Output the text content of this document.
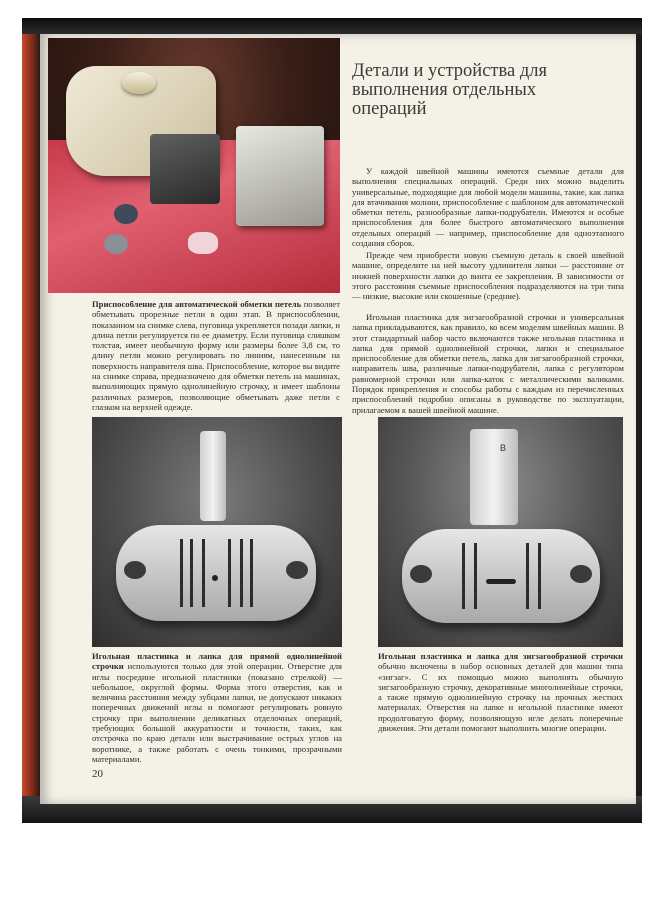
Детали и устройства для выполнения отдельных операций

У каждой швейной машины имеются съемные детали для выполнения специальных операций. Среди них можно выделить универсальные, подходящие для любой модели машины, такие, как лапка для втачивания молнии, приспособление с шаблоном для автоматической обметки петель, разнообразные лапки-подрубатели. Имеются и особые приспособления для более быстрого автоматического выполнения отдельных операций — например, приспособление для одноэтапного создания сборок.

Прежде чем приобрести новую съемную деталь к своей швейной машине, определите на ней высоту удлинителя лапки — расстояние от нижней поверхности лапки до винта ее закрепления. В зависимости от этого расстояния съемные приспособления подразделяются на три типа — низкие, высокие или скошенные (средние).

Игольная пластинка для зигзагообразной строчки и универсальная лапка прикладываются, как правило, ко всем моделям швейных машин. В этот стандартный набор часто включаются также игольная пластинка и лапка для прямой однолинейной строчки, лапки и специальное приспособление для обметки петель, лапка для зигзагообразной строчки, направитель шва, различные лапки-подрубатели, лапка с регулятором равномерной строчки или лапка-каток с металлическими валиками. Порядок прикрепления и способы работы с каждым из перечисленных приспособлений подробно описаны в руководстве по эксплуатации, прилагаемом к вашей швейной машине.

Приспособление для автоматической обметки петель позволяет обметывать прорезные петли в один этап. В приспособлении, показанном на снимке слева, пуговица укрепляется позади лапки, и длина петли регулируется по ее диаметру. Если пуговица слишком толстая, имеет необычную форму или размеры более 3,8 см, то длину петли можно регулировать по линиям, нанесенным на поверхность направителя шва. Приспособление, которое вы видите на снимке справа, предназначено для обметки петель на машинах, выполняющих прямую однолинейную строчку, и имеет шаблоны различных размеров, позволяющие обметывать даже петли с глазком на верхней одежде.

B

Игольная пластинка и лапка для прямой однолинейной строчки используются только для этой операции. Отверстие для иглы посредине игольной пластинки (показано стрелкой) — небольшое, округлой формы. Форма этого отверстия, как и величина расстояния между зубцами лапки, не допускают никаких поперечных движений иглы и помогают регулировать ровную строчку при выполнении деликатных отделочных операций, требующих большой аккуратности и точности, таких, как отстрочка по краю детали или выстрачивание острых углов на воротнике, а также работать с очень тонкими, прозрачными материалами.

Игольная пластинка и лапка для зигзагообразной строчки обычно включены в набор основных деталей для машин типа «зигзаг». С их помощью можно выполнять обычную зигзагообразную строчку, декоративные многолинейные строчки, а также прямую однолинейную строчку на прочных жестких материалах. Отверстия на лапке и игольной пластинке имеют продолговатую форму, позволяющую игле делать поперечные движения. Эти детали помогают выполнить многие операции.

20
